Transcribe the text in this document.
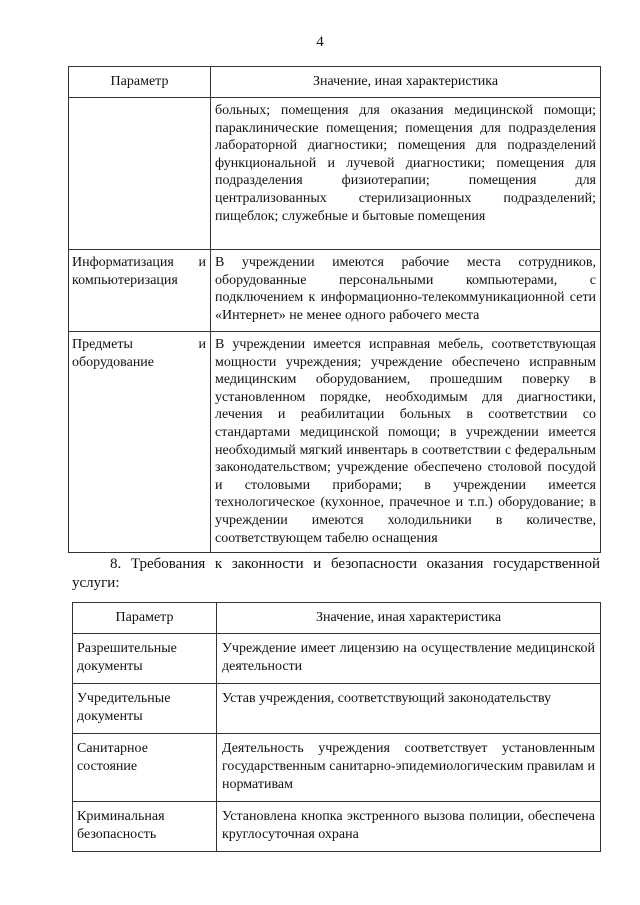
4
Параметр	Значение, иная характеристика
	больных; помещения для оказания медицинской помощи; параклинические помещения; помещения для подразделения лабораторной диагностики; помещения для подразделений функциональной и лучевой диагностики; помещения для подразделения физиотерапии; помещения для централизованных стерилизационных подразделений; пищеблок; служебные и бытовые помещения

Информатизация и
компьютеризация	В учреждении имеются рабочие места сотрудников, оборудованные персональными компьютерами, с подключением к информационно-телекоммуникационной сети «Интернет» не менее одного рабочего места

Предметы и
оборудование	В учреждении имеется исправная мебель, соответствующая мощности учреждения; учреждение обеспечено исправным медицинским оборудованием, прошедшим поверку в установленном порядке, необходимым для диагностики, лечения и реабилитации больных в соответствии со стандартами медицинской помощи; в учреждении имеется необходимый мягкий инвентарь в соответствии с федеральным законодательством; учреждение обеспечено столовой посудой и столовыми приборами; в учреждении имеется технологическое (кухонное, прачечное и т.п.) оборудование; в учреждении имеются холодильники в количестве, соответствующем табелю оснащения

8. Требования к законности и безопасности оказания государственной услуги:

Параметр	Значение, иная характеристика

Разрешительные
документы	Учреждение имеет лицензию на осуществление медицинской деятельности

Учредительные
документы	Устав учреждения, соответствующий законодательству

Санитарное
состояние	Деятельность учреждения соответствует установленным государственным санитарно-эпидемиологическим правилам и нормативам

Криминальная
безопасность	Установлена кнопка экстренного вызова полиции, обеспечена круглосуточная охрана
